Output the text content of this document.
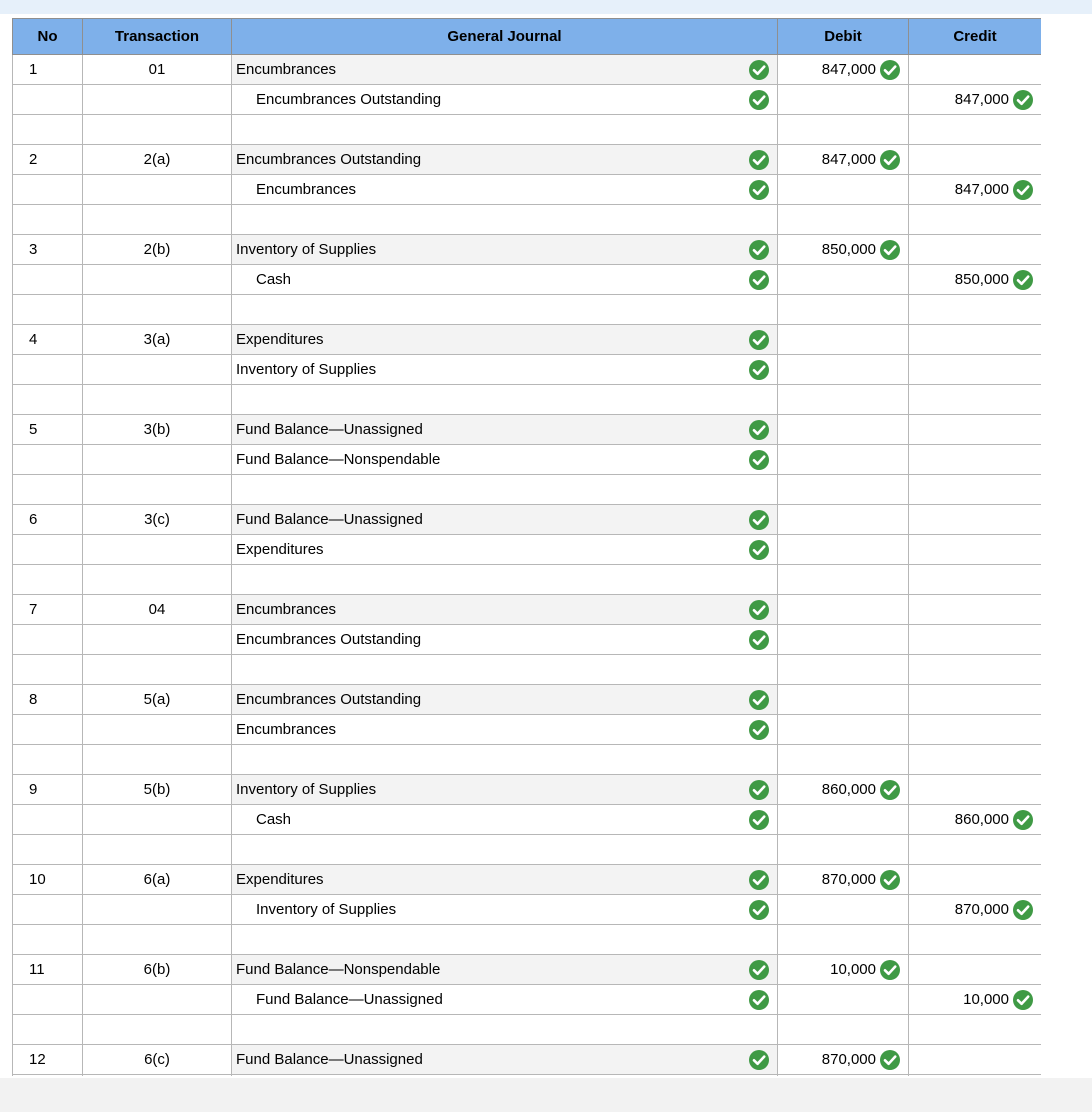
No	Transaction	General Journal	Debit	Credit
1	01	Encumbrances	847,000

		Encumbrances Outstanding		847,000

2	2(a)	Encumbrances Outstanding	847,000

		Encumbrances		847,000

3	2(b)	Inventory of Supplies	850,000

		Cash		850,000

4	3(a)	Expenditures

		Inventory of Supplies

5	3(b)	Fund Balance—Unassigned

		Fund Balance—Nonspendable

6	3(c)	Fund Balance—Unassigned

		Expenditures

7	04	Encumbrances

		Encumbrances Outstanding

8	5(a)	Encumbrances Outstanding

		Encumbrances

9	5(b)	Inventory of Supplies	860,000

		Cash		860,000

10	6(a)	Expenditures	870,000

		Inventory of Supplies		870,000

11	6(b)	Fund Balance—Nonspendable	10,000

		Fund Balance—Unassigned		10,000

12	6(c)	Fund Balance—Unassigned	870,000
